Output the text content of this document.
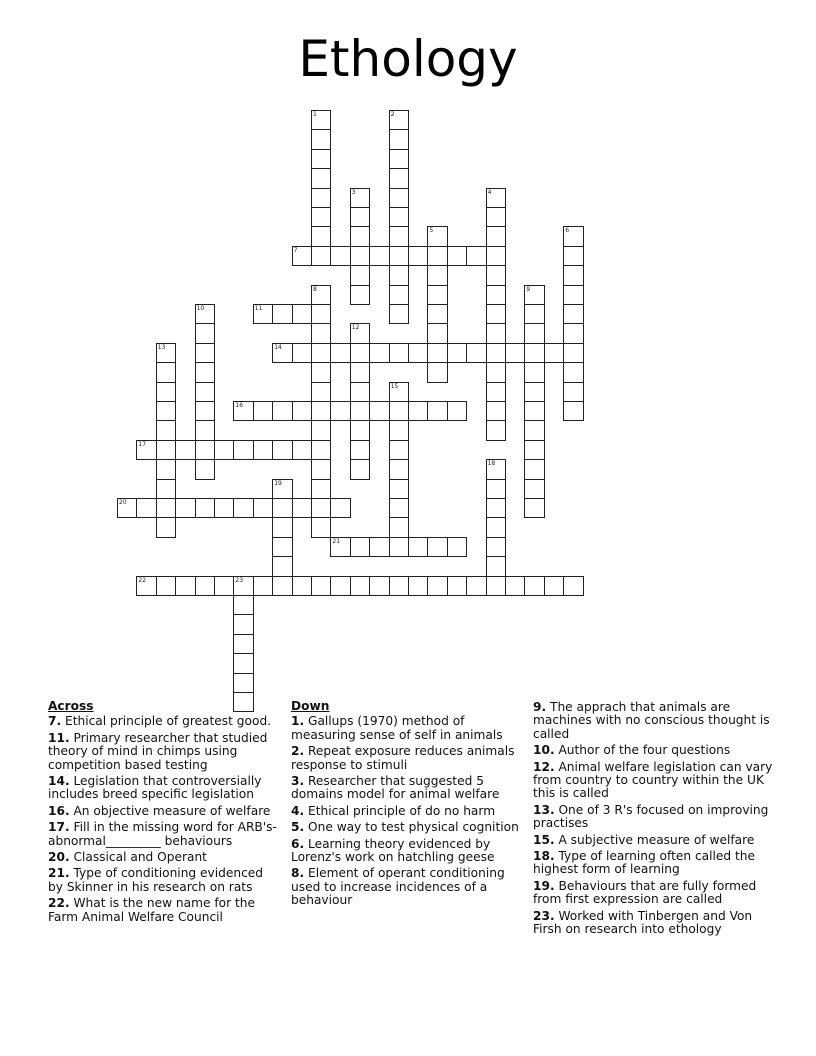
Ethology
1	2
3	4
5	6
7
8	9
10	11
12
13	14
15
16
17
18
19
20
21
22	23
Across
7. Ethical principle of greatest good.
11. Primary researcher that studied theory of mind in chimps using competition based testing
14. Legislation that controversially includes breed specific legislation
16. An objective measure of welfare
17. Fill in the missing word for ARB's-abnormal_________ behaviours
20. Classical and Operant
21. Type of conditioning evidenced by Skinner in his research on rats
22. What is the new name for the Farm Animal Welfare Council
Down
1. Gallups (1970) method of measuring sense of self in animals
2. Repeat exposure reduces animals response to stimuli
3. Researcher that suggested 5 domains model for animal welfare
4. Ethical principle of do no harm
5. One way to test physical cognition
6. Learning theory evidenced by Lorenz's work on hatchling geese
8. Element of operant conditioning used to increase incidences of a behaviour
9. The apprach that animals are machines with no conscious thought is called
10. Author of the four questions
12. Animal welfare legislation can vary from country to country within the UK this is called
13. One of 3 R's focused on improving practises
15. A subjective measure of welfare
18. Type of learning often called the highest form of learning
19. Behaviours that are fully formed from first expression are called
23. Worked with Tinbergen and Von Firsh on research into ethology
